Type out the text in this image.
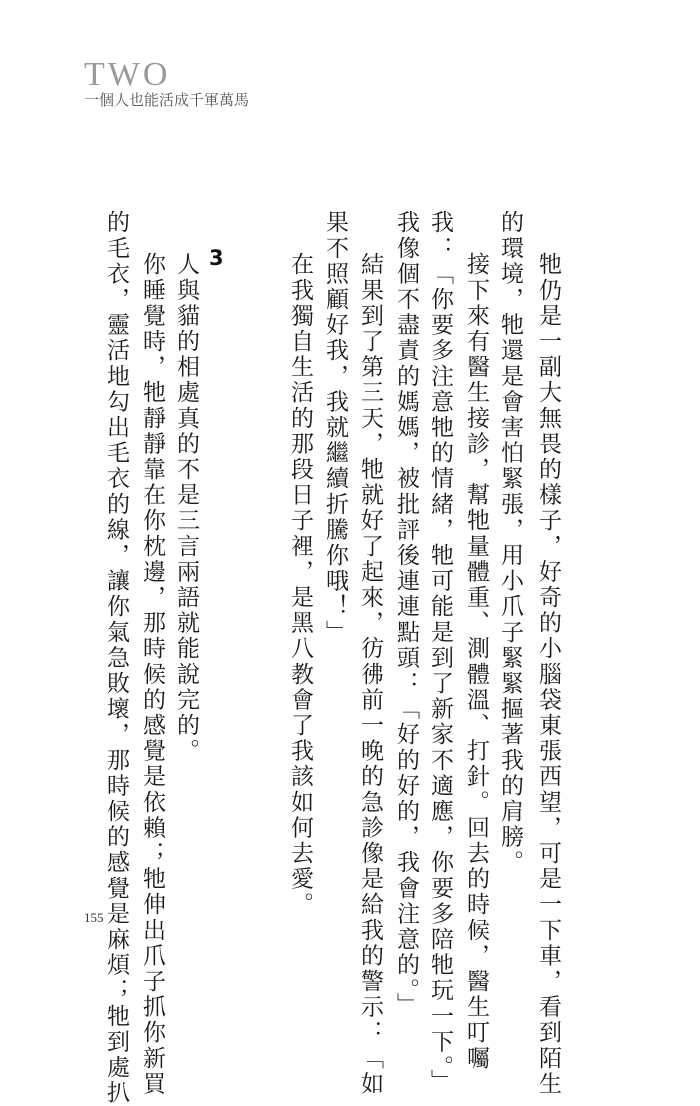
TWO
一個人也能活成千軍萬馬
牠仍是一副大無畏的樣子，好奇的小腦袋東張西望，可是一下車，看到陌生
的環境，牠還是會害怕緊張，用小爪子緊緊摳著我的肩膀。
接下來有醫生接診，幫牠量體重、測體溫、打針。回去的時候，醫生叮囑
我：「你要多注意牠的情緒，牠可能是到了新家不適應，你要多陪牠玩一下。」
我像個不盡責的媽媽，被批評後連連點頭：「好的好的，我會注意的。」
結果到了第三天，牠就好了起來，彷彿前一晚的急診像是給我的警示：「如
果不照顧好我，我就繼續折騰你哦！」
在我獨自生活的那段日子裡，是黑八教會了我該如何去愛。
人與貓的相處真的不是三言兩語就能說完的。
你睡覺時，牠靜靜靠在你枕邊，那時候的感覺是依賴；牠伸出爪子抓你新買
的毛衣，靈活地勾出毛衣的線，讓你氣急敗壞，那時候的感覺是麻煩；牠到處扒	3
155
